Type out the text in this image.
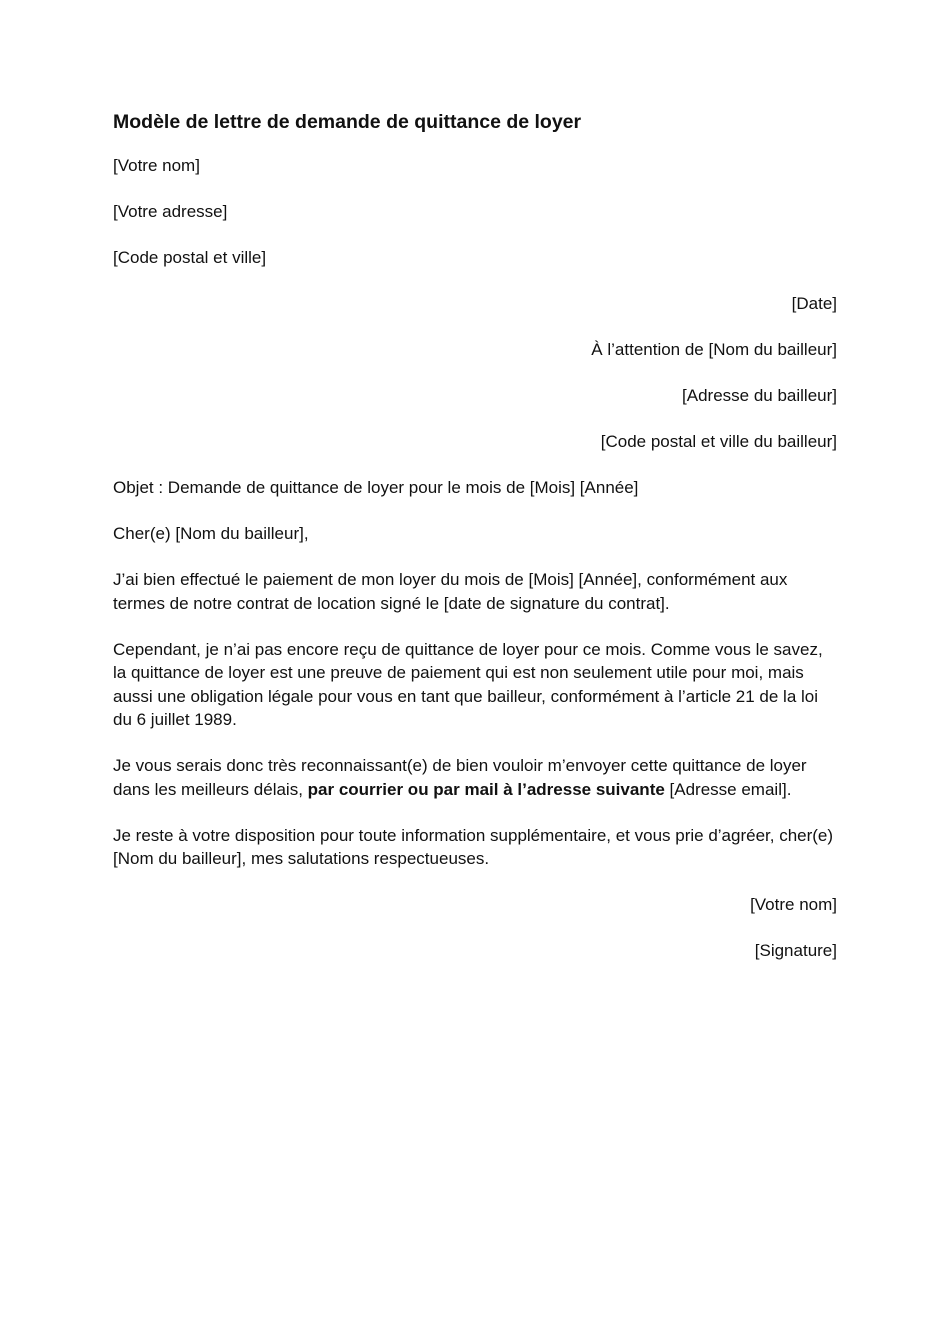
Modèle de lettre de demande de quittance de loyer
[Votre nom]
[Votre adresse]
[Code postal et ville]
[Date]
À l’attention de [Nom du bailleur]
[Adresse du bailleur]
[Code postal et ville du bailleur]
Objet : Demande de quittance de loyer pour le mois de [Mois] [Année]
Cher(e) [Nom du bailleur],
J’ai bien effectué le paiement de mon loyer du mois de [Mois] [Année], conformément aux termes de notre contrat de location signé le [date de signature du contrat].
Cependant, je n’ai pas encore reçu de quittance de loyer pour ce mois. Comme vous le savez, la quittance de loyer est une preuve de paiement qui est non seulement utile pour moi, mais aussi une obligation légale pour vous en tant que bailleur, conformément à l’article 21 de la loi du 6 juillet 1989.
Je vous serais donc très reconnaissant(e) de bien vouloir m’envoyer cette quittance de loyer dans les meilleurs délais, par courrier ou par mail à l’adresse suivante [Adresse email].
Je reste à votre disposition pour toute information supplémentaire, et vous prie d’agréer, cher(e) [Nom du bailleur], mes salutations respectueuses.
[Votre nom]
[Signature]
